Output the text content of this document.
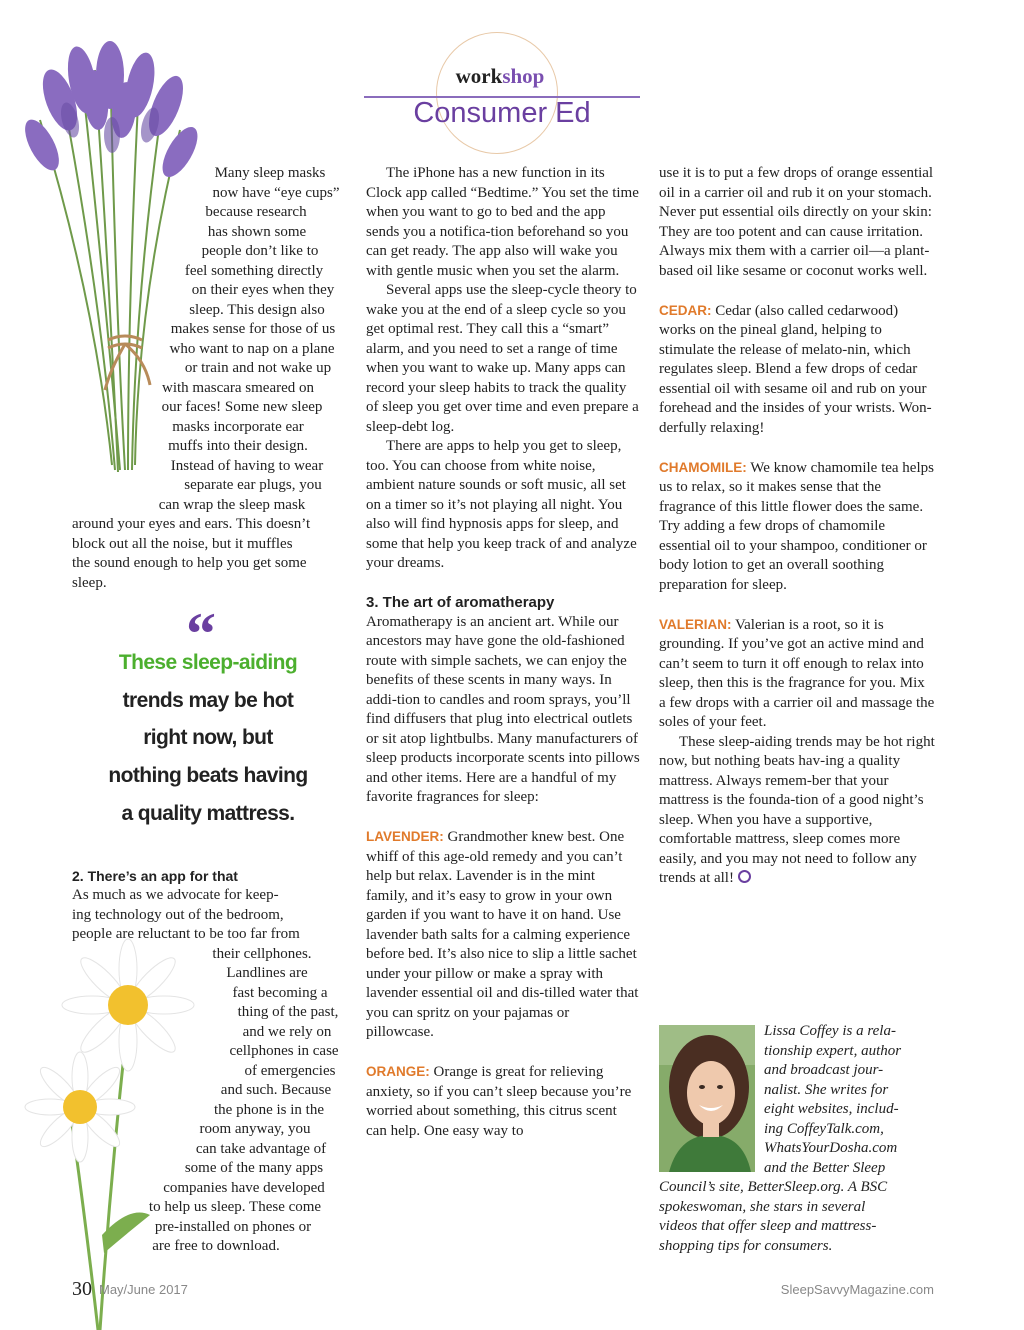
workshop
Consumer Ed
Many sleep masks
now have “eye cups”
because research
has shown some
people don’t like to
feel something directly
on their eyes when they
sleep. This design also
makes sense for those of us
who want to nap on a plane
or train and not wake up
with mascara smeared on
our faces! Some new sleep
masks incorporate ear
muffs into their design.
Instead of having to wear
separate ear plugs, you
can wrap the sleep mask
around your eyes and ears. This doesn’t
block out all the noise, but it muffles
the sound enough to help you get some
sleep.
“
These sleep-aiding
trends may be hot
right now, but
nothing beats having
a quality mattress.
2. There’s an app for that
As much as we advocate for keep-
ing technology out of the bedroom,
people are reluctant to be too far from
their cellphones.
Landlines are
fast becoming a
thing of the past,
and we rely on
cellphones in case
of emergencies
and such. Because
the phone is in the
room anyway, you
can take advantage of
some of the many apps
companies have developed
to help us sleep. These come
pre-installed on phones or
are free to download.

The iPhone has a new function in its Clock app called “Bedtime.” You set the time when you want to go to bed and the app sends you a notifica-tion beforehand so you can get ready. The app also will wake you with gentle music when you set the alarm.

Several apps use the sleep-cycle theory to wake you at the end of a sleep cycle so you get optimal rest. They call this a “smart” alarm, and you need to set a range of time when you want to wake up. Many apps can record your sleep habits to track the quality of sleep you get over time and even prepare a sleep-debt log.

There are apps to help you get to sleep, too. You can choose from white noise, ambient nature sounds or soft music, all set on a timer so it’s not playing all night. You also will find hypnosis apps for sleep, and some that help you keep track of and analyze your dreams.

3. The art of aromatherapy

Aromatherapy is an ancient art. While our ancestors may have gone the old-fashioned route with simple sachets, we can enjoy the benefits of these scents in many ways. In addi-tion to candles and room sprays, you’ll find diffusers that plug into electrical outlets or sit atop lightbulbs. Many manufacturers of sleep products incorporate scents into pillows and other items. Here are a handful of my favorite fragrances for sleep:

LAVENDER: Grandmother knew best. One whiff of this age-old remedy and you can’t help but relax. Lavender is in the mint family, and it’s easy to grow in your own garden if you want to have it on hand. Use lavender bath salts for a calming experience before bed. It’s also nice to slip a little sachet under your pillow or make a spray with lavender essential oil and dis-tilled water that you can spritz on your pajamas or pillowcase.

ORANGE: Orange is great for relieving anxiety, so if you can’t sleep because you’re worried about something, this citrus scent can help. One easy way to

use it is to put a few drops of orange essential oil in a carrier oil and rub it on your stomach. Never put essential oils directly on your skin: They are too potent and can cause irritation. Always mix them with a carrier oil—a plant-based oil like sesame or coconut works well.

CEDAR: Cedar (also called cedarwood) works on the pineal gland, helping to stimulate the release of melato-nin, which regulates sleep. Blend a few drops of cedar essential oil with sesame oil and rub on your forehead and the insides of your wrists. Won-derfully relaxing!

CHAMOMILE: We know chamomile tea helps us to relax, so it makes sense that the fragrance of this little flower does the same. Try adding a few drops of chamomile essential oil to your shampoo, conditioner or body lotion to get an overall soothing preparation for sleep.

VALERIAN: Valerian is a root, so it is grounding. If you’ve got an active mind and can’t seem to turn it off enough to relax into sleep, then this is the fragrance for you. Mix a few drops with a carrier oil and massage the soles of your feet.

These sleep-aiding trends may be hot right now, but nothing beats hav-ing a quality mattress. Always remem-ber that your mattress is the founda-tion of a good night’s sleep. When you have a supportive, comfortable mattress, sleep comes more easily, and you may not need to follow any trends at all!

Lissa Coffey is a rela-
tionship expert, author
and broadcast jour-
nalist. She writes for
eight websites, includ-
ing CoffeyTalk.com,
WhatsYourDosha.com
and the Better Sleep
Council’s site, BetterSleep.org. A BSC
spokeswoman, she stars in several
videos that offer sleep and mattress-
shopping tips for consumers.
30 May/June 2017	SleepSavvyMagazine.com
